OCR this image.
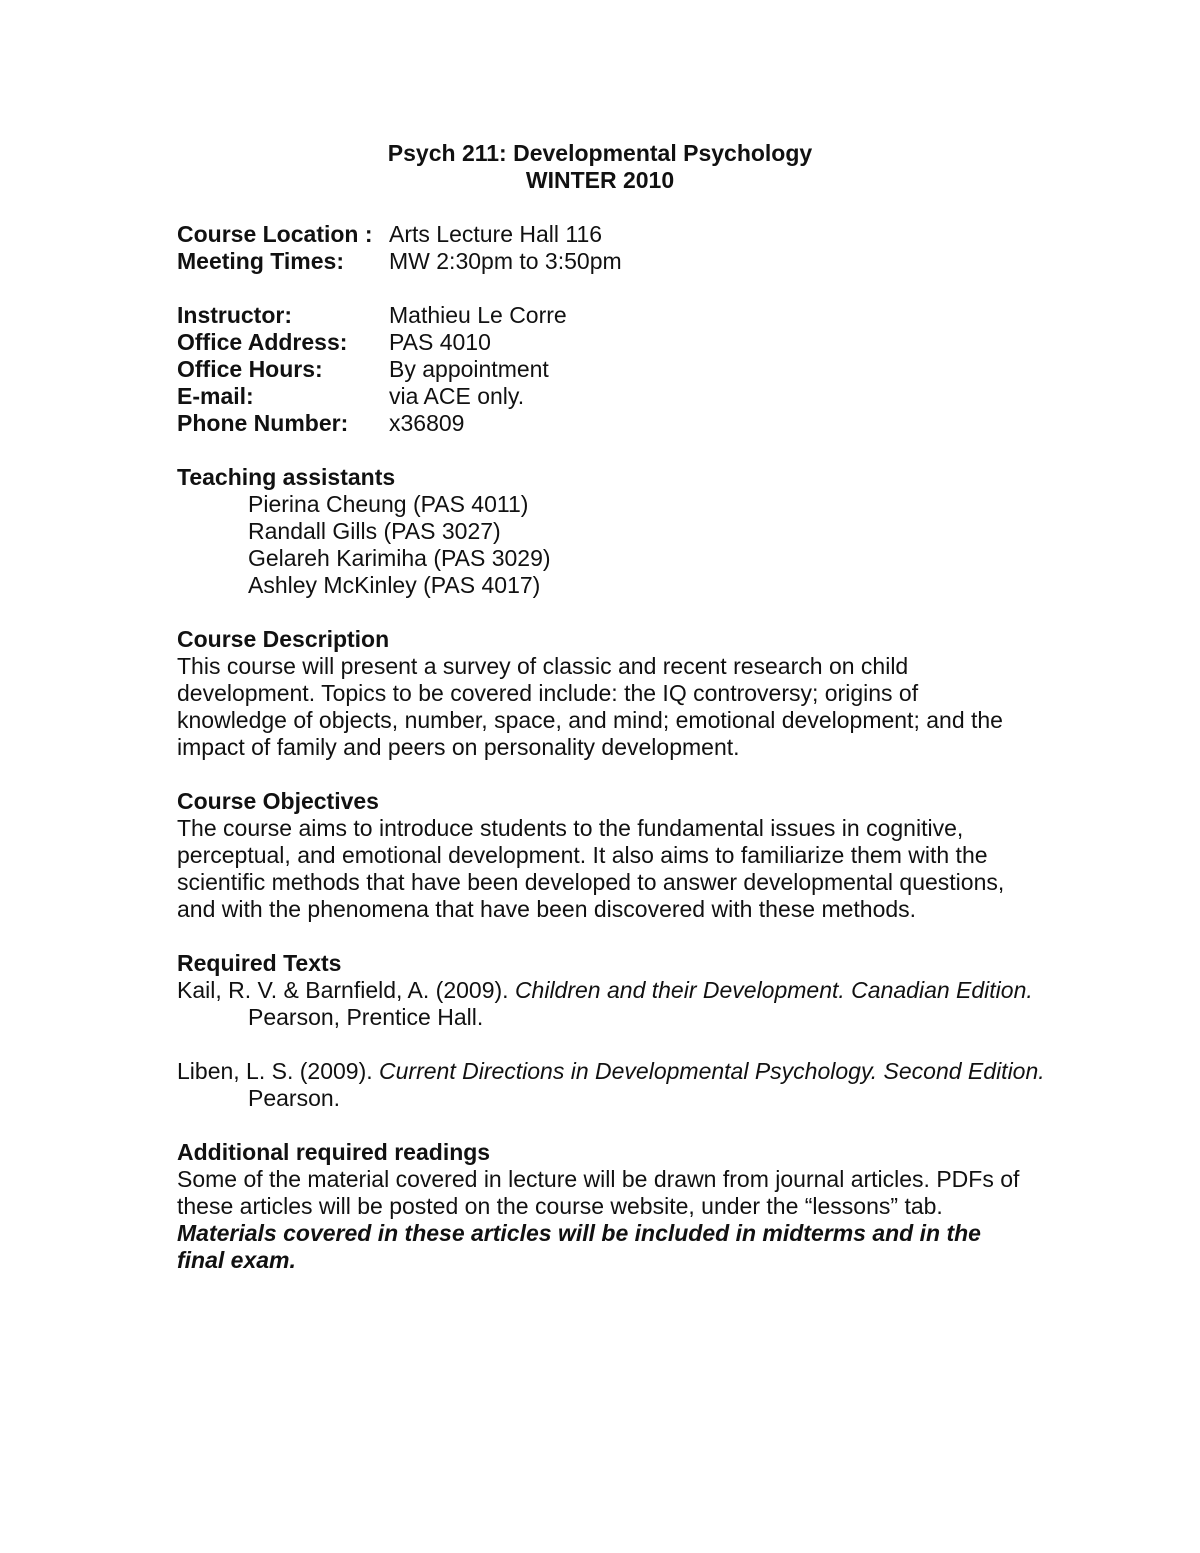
Psych 211: Developmental Psychology
WINTER 2010
Course Location : Arts Lecture Hall 116
Meeting Times:	MW 2:30pm to 3:50pm
Instructor:	Mathieu Le Corre
Office Address:	PAS 4010
Office Hours:	By appointment
E-mail:	via ACE only.
Phone Number:	x36809
Teaching assistants
Pierina Cheung (PAS 4011)
Randall Gills (PAS 3027)
Gelareh Karimiha (PAS 3029)
Ashley McKinley (PAS 4017)
Course Description
This course will present a survey of classic and recent research on child development. Topics to be covered include: the IQ controversy; origins of knowledge of objects, number, space, and mind; emotional development; and the impact of family and peers on personality development.
Course Objectives
The course aims to introduce students to the fundamental issues in cognitive, perceptual, and emotional development. It also aims to familiarize them with the scientific methods that have been developed to answer developmental questions, and with the phenomena that have been discovered with these methods.
Required Texts
Kail, R. V. & Barnfield, A. (2009). Children and their Development. Canadian Edition. Pearson, Prentice Hall.
Liben, L. S. (2009). Current Directions in Developmental Psychology. Second Edition. Pearson.
Additional required readings
Some of the material covered in lecture will be drawn from journal articles. PDFs of these articles will be posted on the course website, under the “lessons” tab.
Materials covered in these articles will be included in midterms and in the final exam.
